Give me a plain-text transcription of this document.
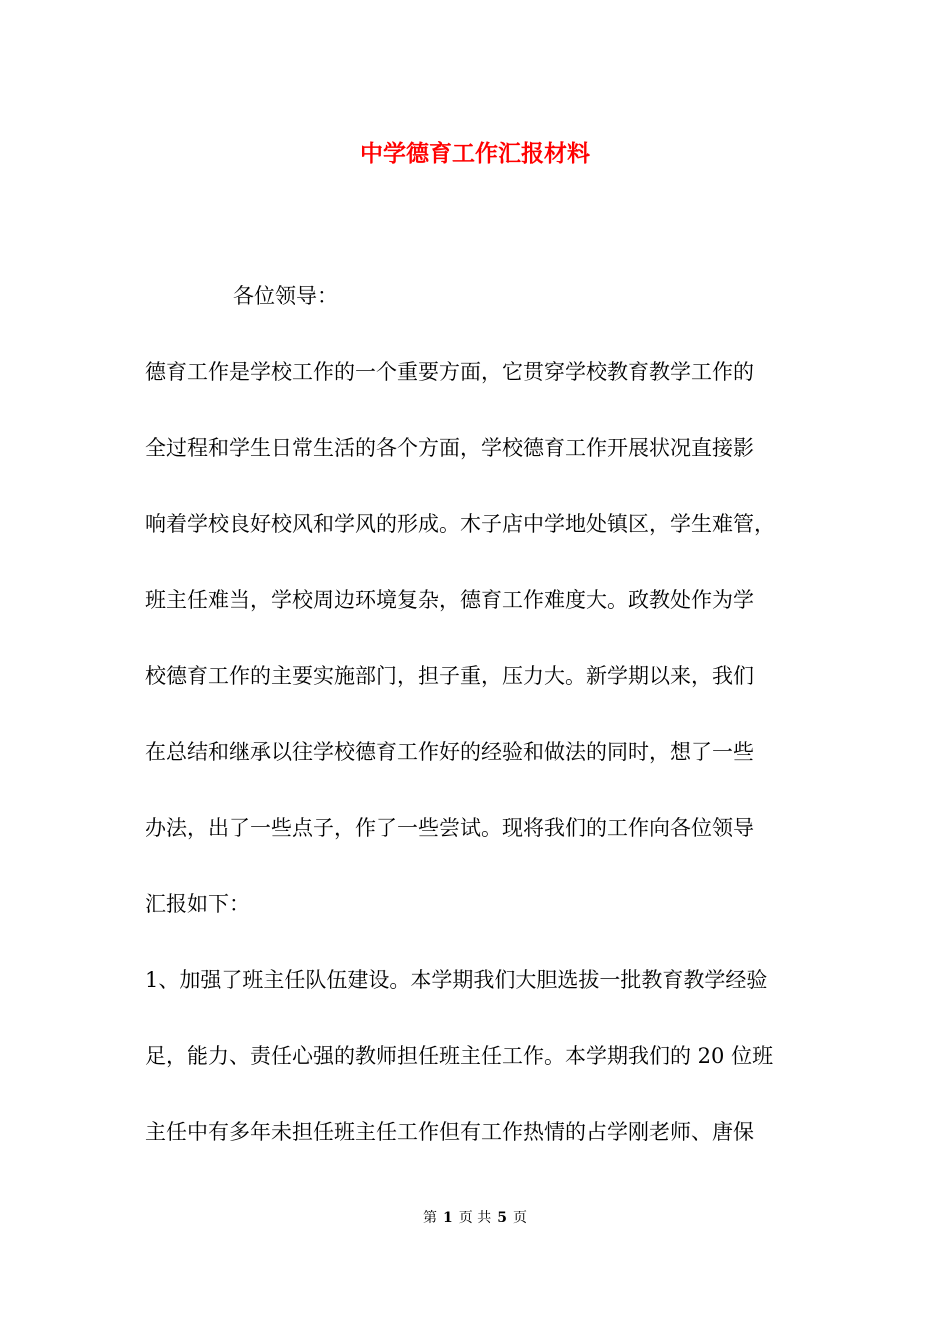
中学德育工作汇报材料
各位领导：
德育工作是学校工作的一个重要方面，它贯穿学校教育教学工作的
全过程和学生日常生活的各个方面，学校德育工作开展状况直接影
响着学校良好校风和学风的形成。木子店中学地处镇区，学生难管，
班主任难当，学校周边环境复杂，德育工作难度大。政教处作为学
校德育工作的主要实施部门，担子重，压力大。新学期以来，我们
在总结和继承以往学校德育工作好的经验和做法的同时，想了一些
办法，出了一些点子，作了一些尝试。现将我们的工作向各位领导
汇报如下：
1、加强了班主任队伍建设。本学期我们大胆选拔一批教育教学经验
足，能力、责任心强的教师担任班主任工作。本学期我们的 20 位班
主任中有多年未担任班主任工作但有工作热情的占学刚老师、唐保
第 1 页 共 5 页
